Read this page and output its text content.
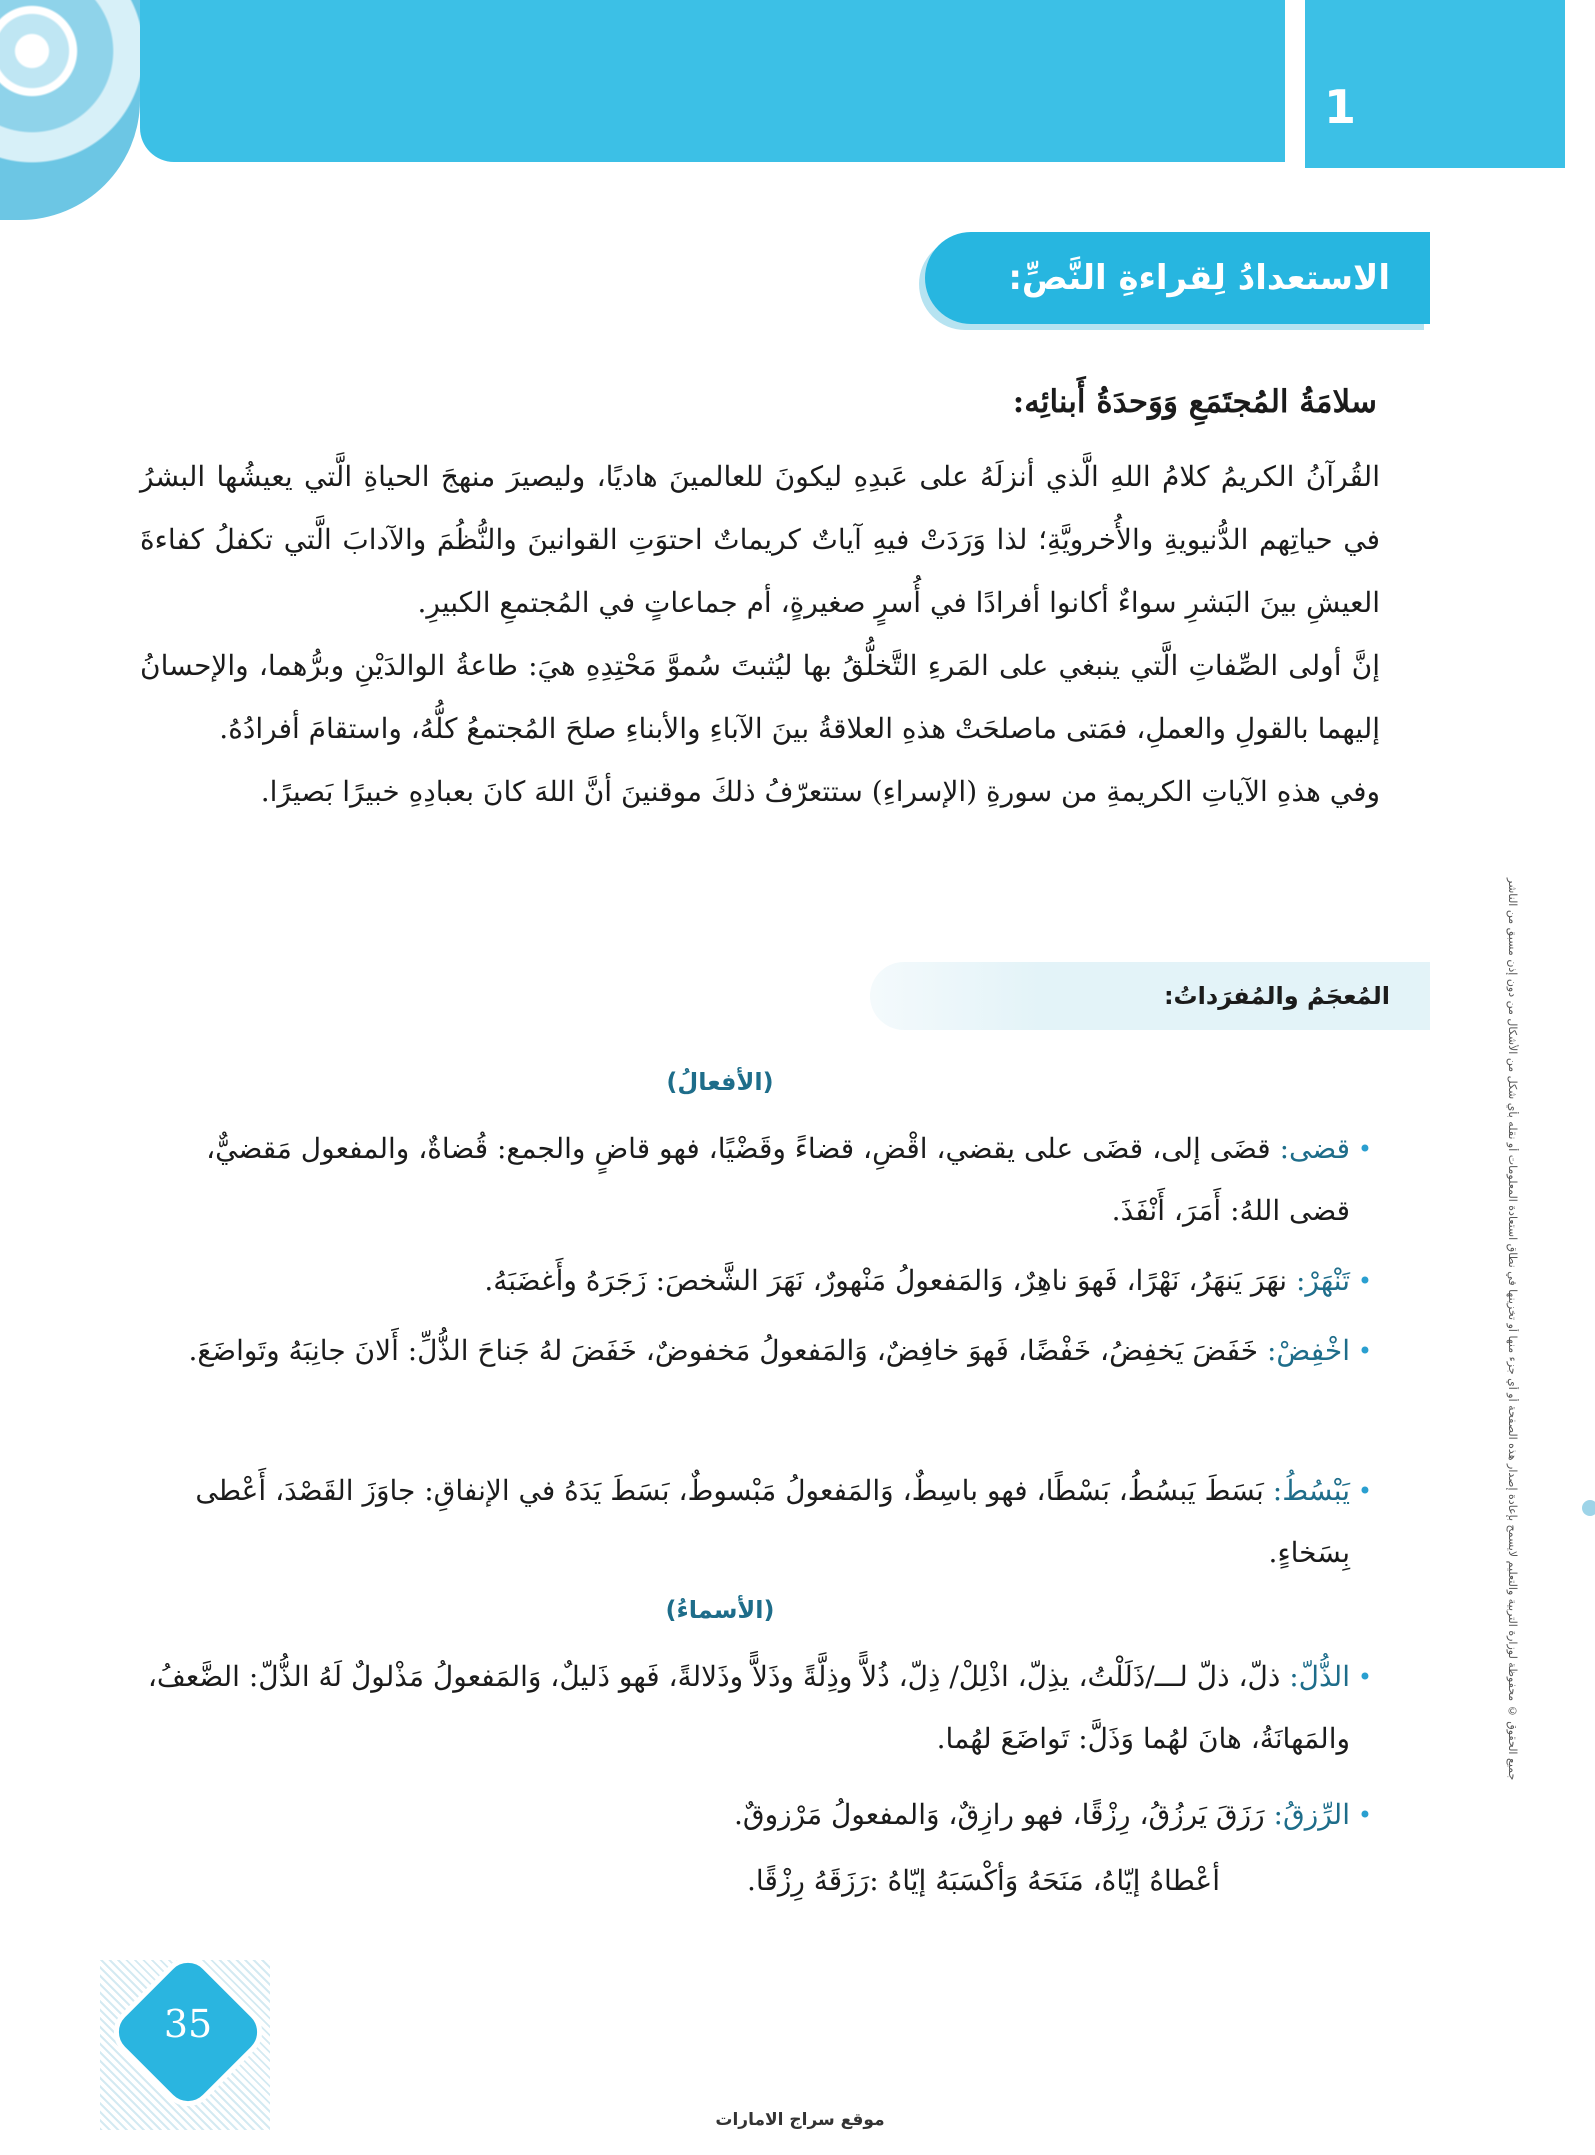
1
الاستعدادُ لِقراءةِ النَّصِّ:
سلامَةُ المُجتَمَعِ وَوَحدَةُ أَبنائِه:

القُرآنُ الكريمُ كلامُ اللهِ الَّذي أنزلَهُ على عَبدِهِ ليكونَ للعالمينَ هاديًا، وليصيرَ منهجَ الحياةِ الَّتي يعيشُها البشرُ في حياتِهم الدُّنيويةِ والأُخرويَّةِ؛ لذا وَرَدَتْ فيهِ آياتٌ كريماتٌ احتوَتِ القوانينَ والنُّظُمَ والآدابَ الَّتي تكفلُ كفاءةَ العيشِ بينَ البَشرِ سواءٌ أكانوا أفرادًا في أُسرٍ صغيرةٍ، أم جماعاتٍ في المُجتمعِ الكبيرِ.

إنَّ أولى الصِّفاتِ الَّتي ينبغي على المَرءِ التَّخلُّقُ بها ليُثبتَ سُموَّ مَحْتِدِهِ هيَ: طاعةُ الوالدَيْنِ وبرُّهما، والإحسانُ إليهما بالقولِ والعملِ، فمَتى ماصلحَتْ هذهِ العلاقةُ بينَ الآباءِ والأبناءِ صلحَ المُجتمعُ كلُّهُ، واستقامَ أفرادُهُ.

وفي هذهِ الآياتِ الكريمةِ من سورةِ (الإسراءِ) ستتعرّفُ ذلكَ موقنينَ أنَّ اللهَ كانَ بعبادِهِ خبيرًا بَصيرًا.

المُعجَمُ والمُفرَداتُ:
(الأفعالُ)
•
قضى: قضَى إلى، قضَى على يقضي، اقْضِ، قضاءً وقَضْيًا، فهو قاضٍ والجمع: قُضاةٌ، والمفعول مَقضيٌّ، قضى اللهُ: أَمَرَ، أَنْفَذَ.
•
تَنْهَرْ: نهَرَ يَنهَرُ، نَهْرًا، فَهوَ ناهِرٌ، وَالمَفعولُ مَنْهورٌ، نَهَرَ الشَّخصَ: زَجَرَهُ وأَغضَبَهُ.
•
اخْفِضْ: خَفَضَ يَخفِضُ، خَفْضًا، فَهوَ خافِضٌ، وَالمَفعولُ مَخفوضٌ، خَفَضَ لهُ جَناحَ الذُّلِّ: أَلانَ جانِبَهُ وتَواضَعَ.
•
يَبْسُطُ: بَسَطَ يَبسُطُ، بَسْطًا، فهو باسِطٌ، وَالمَفعولُ مَبْسوطٌ، بَسَطَ يَدَهُ في الإنفاقِ: جاوَزَ القَصْدَ، أَعْطى بِسَخاءٍ.
(الأسماءُ)
•
الذُّلّ: ذلّ، ذلّ لـــ/ذَلَلْتُ، يذِلّ، اذْلِلْ/ ذِلّ، ذُلاًّ وذِلَّةً وذَلاًّ وذَلالةً، فَهو ذَليلٌ، وَالمَفعولُ مَذْلولٌ لَهُ الذُّلّ: الضَّعفُ، والمَهانَةُ، هانَ لهُما وَذَلَّ: تَواضَعَ لهُما.
•
الرِّزقُ: رَزَقَ يَرزُقُ، رِزْقًا، فهو رازِقٌ، وَالمفعولُ مَرْزوقٌ.
أعْطاهُ إيّاهُ، مَنَحَهُ وَأكْسَبَهُ إيّاهُ :رَزَقَهُ رِزْقًا.
جميع الحقوق © محفوظة لوزارة التربية والتعليم لايسمح بإعادة إصدار هذه الصفحة أو أي جزء منها أو تخزينها في نطاق استعادة المعلومات أو نقله بأي شكل من الأشكال من دون إذن مسبق من الناشر
35
موقع سراج الامارات
